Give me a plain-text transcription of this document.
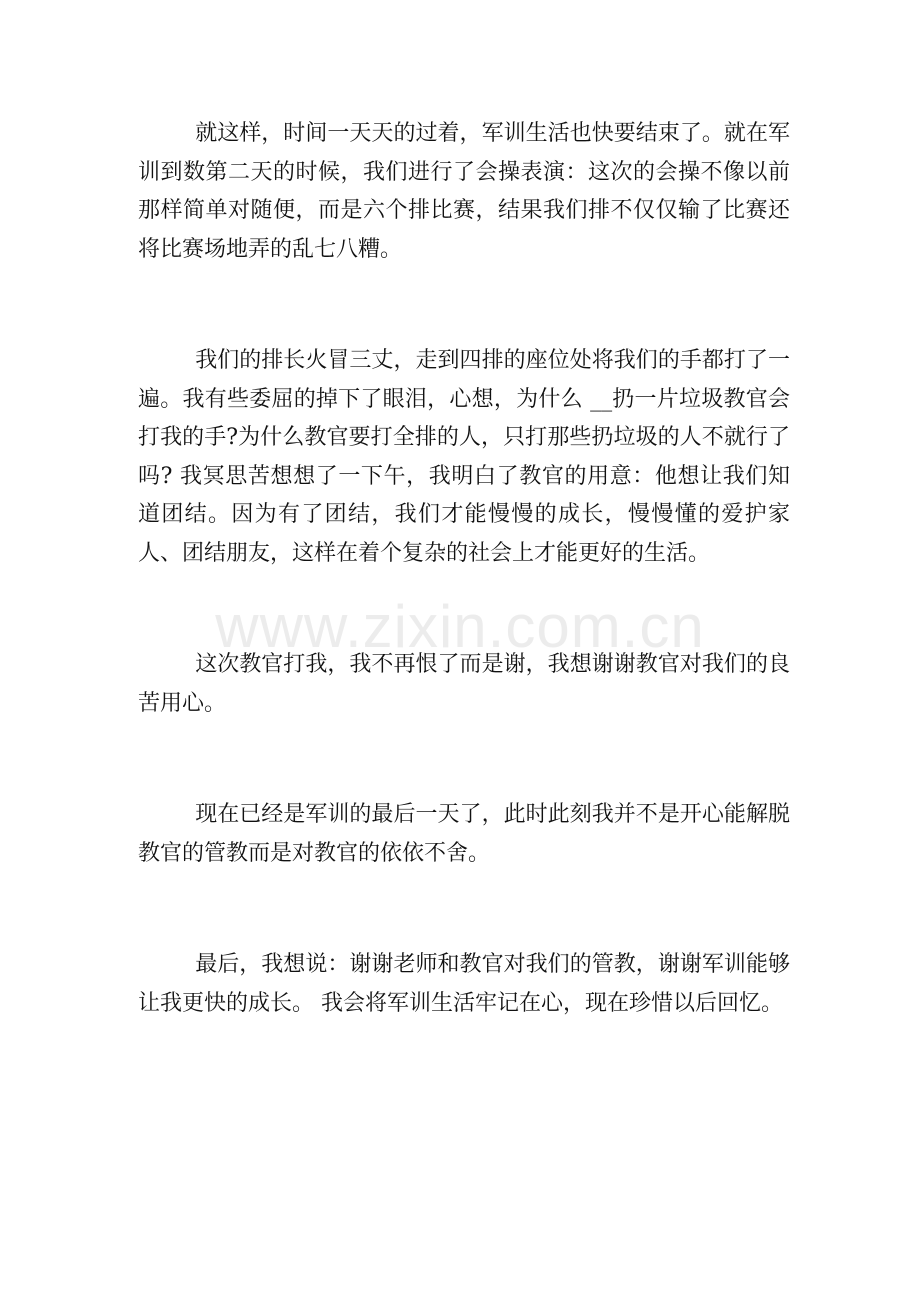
就这样，时间一天天的过着，军训生活也快要结束了。就在军训到数第二天的时候，我们进行了会操表演：这次的会操不像以前那样简单对随便，而是六个排比赛，结果我们排不仅仅输了比赛还将比赛场地弄的乱七八糟。

我们的排长火冒三丈，走到四排的座位处将我们的手都打了一遍。我有些委屈的掉下了眼泪，心想，为什么 __扔一片垃圾教官会打我的手?为什么教官要打全排的人，只打那些扔垃圾的人不就行了吗? 我冥思苦想想了一下午，我明白了教官的用意：他想让我们知道团结。因为有了团结，我们才能慢慢的成长，慢慢懂的爱护家人、团结朋友，这样在着个复杂的社会上才能更好的生活。

这次教官打我，我不再恨了而是谢，我想谢谢教官对我们的良苦用心。

现在已经是军训的最后一天了，此时此刻我并不是开心能解脱教官的管教而是对教官的依依不舍。

最后，我想说：谢谢老师和教官对我们的管教，谢谢军训能够让我更快的成长。 我会将军训生活牢记在心，现在珍惜以后回忆。

www.zixin.com.cn
